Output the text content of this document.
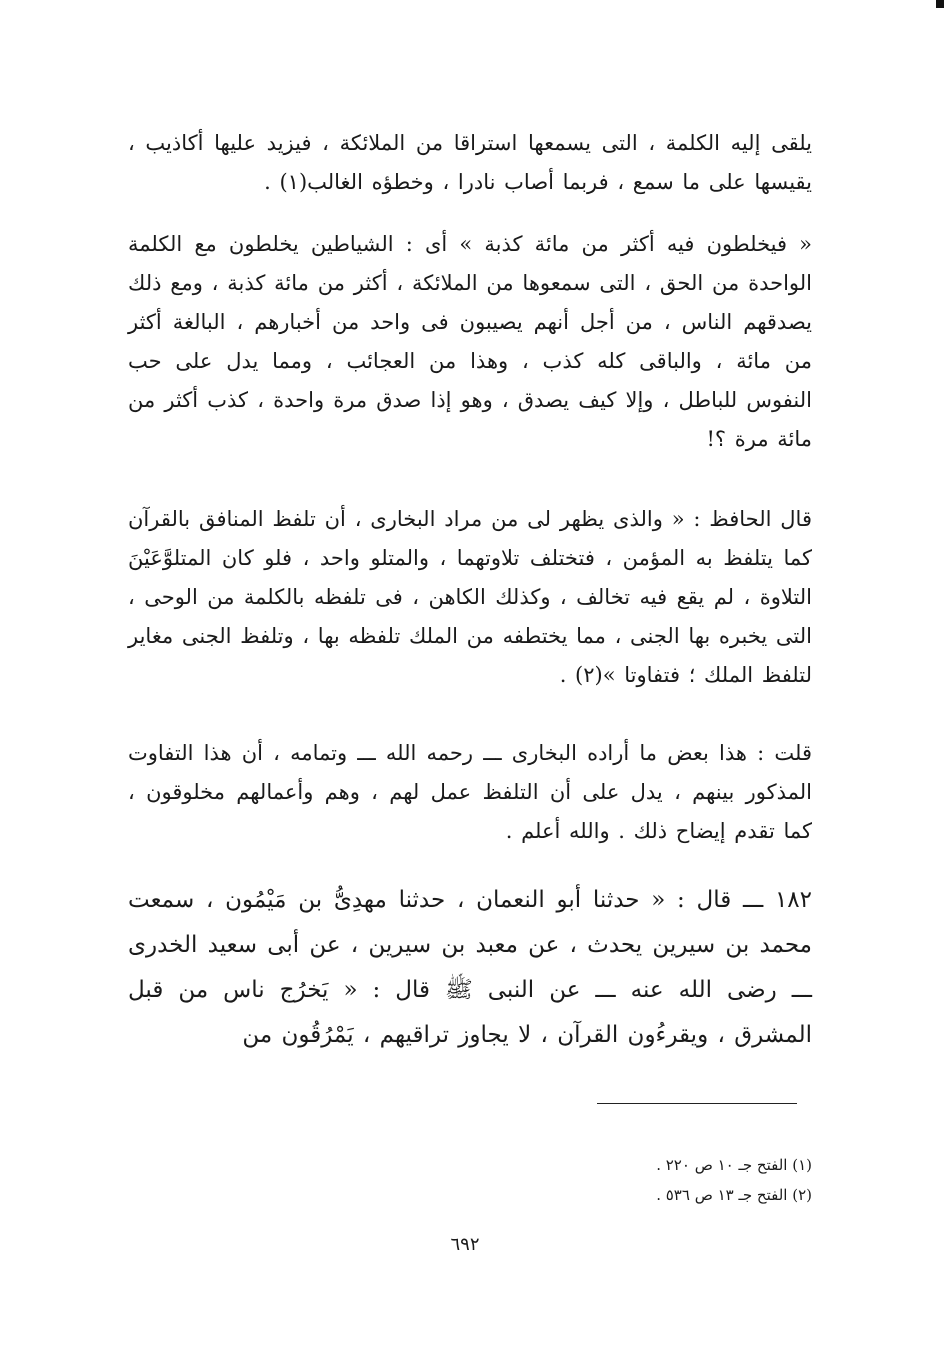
يلقى إليه الكلمة ، التى يسمعها استراقا من الملائكة ، فيزيد عليها أكاذيب ، يقيسها على ما سمع ، فربما أصاب نادرا ، وخطؤه الغالب(١) .
« فيخلطون فيه أكثر من مائة كذبة » أى : الشياطين يخلطون مع الكلمة الواحدة من الحق ، التى سمعوها من الملائكة ، أكثر من مائة كذبة ، ومع ذلك يصدقهم الناس ، من أجل أنهم يصيبون فى واحد من أخبارهم ، البالغة أكثر من مائة ، والباقى كله كذب ، وهذا من العجائب ، ومما يدل على حب النفوس للباطل ، وإلا كيف يصدق ، وهو إذا صدق مرة واحدة ، كذب أكثر من مائة مرة ؟!
قال الحافظ : « والذى يظهر لى من مراد البخارى ، أن تلفظ المنافق بالقرآن كما يتلفظ به المؤمن ، فتختلف تلاوتهما ، والمتلو واحد ، فلو كان المتلوَّعَيْنَ التلاوة ، لم يقع فيه تخالف ، وكذلك الكاهن ، فى تلفظه بالكلمة من الوحى ، التى يخبره بها الجنى ، مما يختطفه من الملك تلفظه بها ، وتلفظ الجنى مغاير لتلفظ الملك ؛ فتفاوتا »(٢) .
قلت : هذا بعض ما أراده البخارى ـــ رحمه الله ـــ وتمامه ، أن هذا التفاوت المذكور بينهم ، يدل على أن التلفظ عمل لهم ، وهم وأعمالهم مخلوقون ، كما تقدم إيضاح ذلك . والله أعلم .
١٨٢ ـــ قال : « حدثنا أبو النعمان ، حدثنا مهدِىُّ بن مَيْمُون ، سمعت محمد بن سيرين يحدث ، عن معبد بن سيرين ، عن أبى سعيد الخدرى ـــ رضى الله عنه ـــ عن النبى ﷺ قال : « يَخرُج ناس من قبل المشرق ، ويقرءُون القرآن ، لا يجاوز تراقيهم ، يَمْرُقُون من
(١) الفتح جـ ١٠ ص ٢٢٠ .
(٢) الفتح جـ ١٣ ص ٥٣٦ .
٦٩٢
